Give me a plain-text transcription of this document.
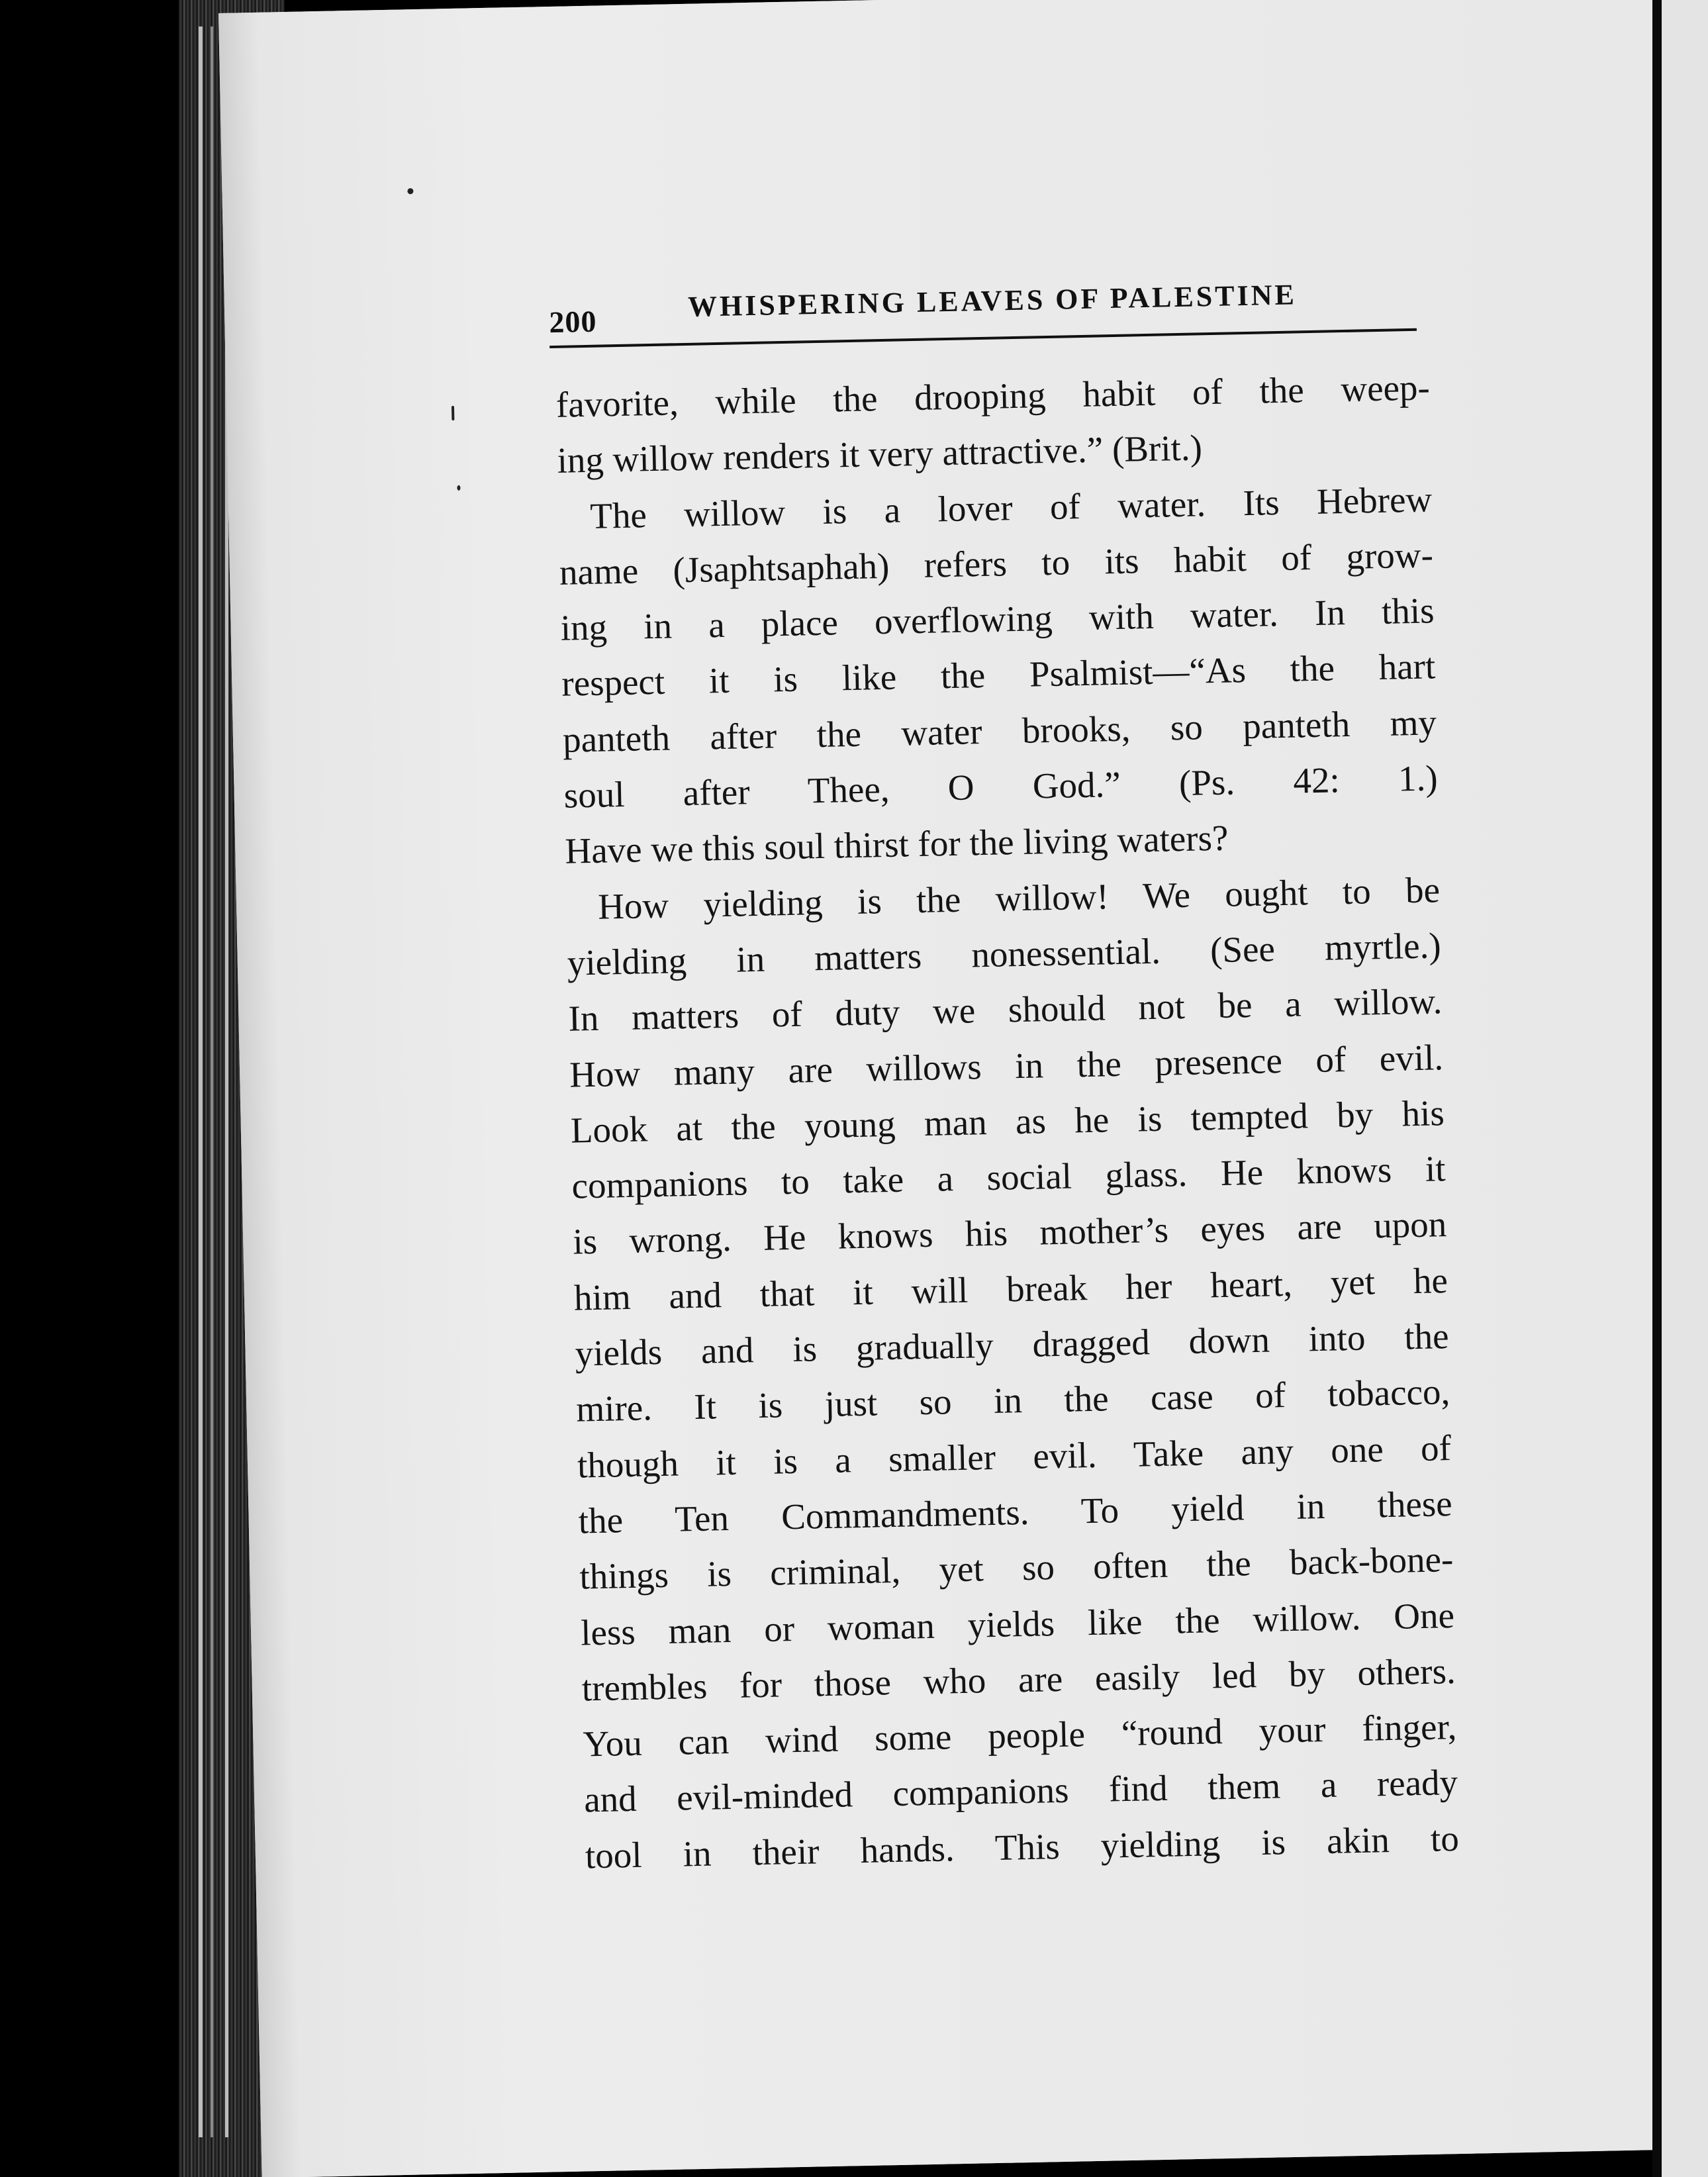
200	WHISPERING LEAVES OF PALESTINE
favorite, while the drooping habit of the weep-
ing willow renders it very attractive.” (Brit.)
The willow is a lover of water. Its Hebrew
name (Jsaphtsaphah) refers to its habit of grow-
ing in a place overflowing with water. In this
respect it is like the Psalmist—“As the hart
panteth after the water brooks, so panteth my
soul after Thee, O God.” (Ps. 42: 1.)
Have we this soul thirst for the living waters?
How yielding is the willow! We ought to be
yielding in matters nonessential. (See myrtle.)
In matters of duty we should not be a willow.
How many are willows in the presence of evil.
Look at the young man as he is tempted by his
companions to take a social glass. He knows it
is wrong. He knows his mother’s eyes are upon
him and that it will break her heart, yet he
yields and is gradually dragged down into the
mire. It is just so in the case of tobacco,
though it is a smaller evil. Take any one of
the Ten Commandments. To yield in these
things is criminal, yet so often the back-bone-
less man or woman yields like the willow. One
trembles for those who are easily led by others.
You can wind some people “round your finger,
and evil-minded companions find them a ready
tool in their hands. This yielding is akin to
